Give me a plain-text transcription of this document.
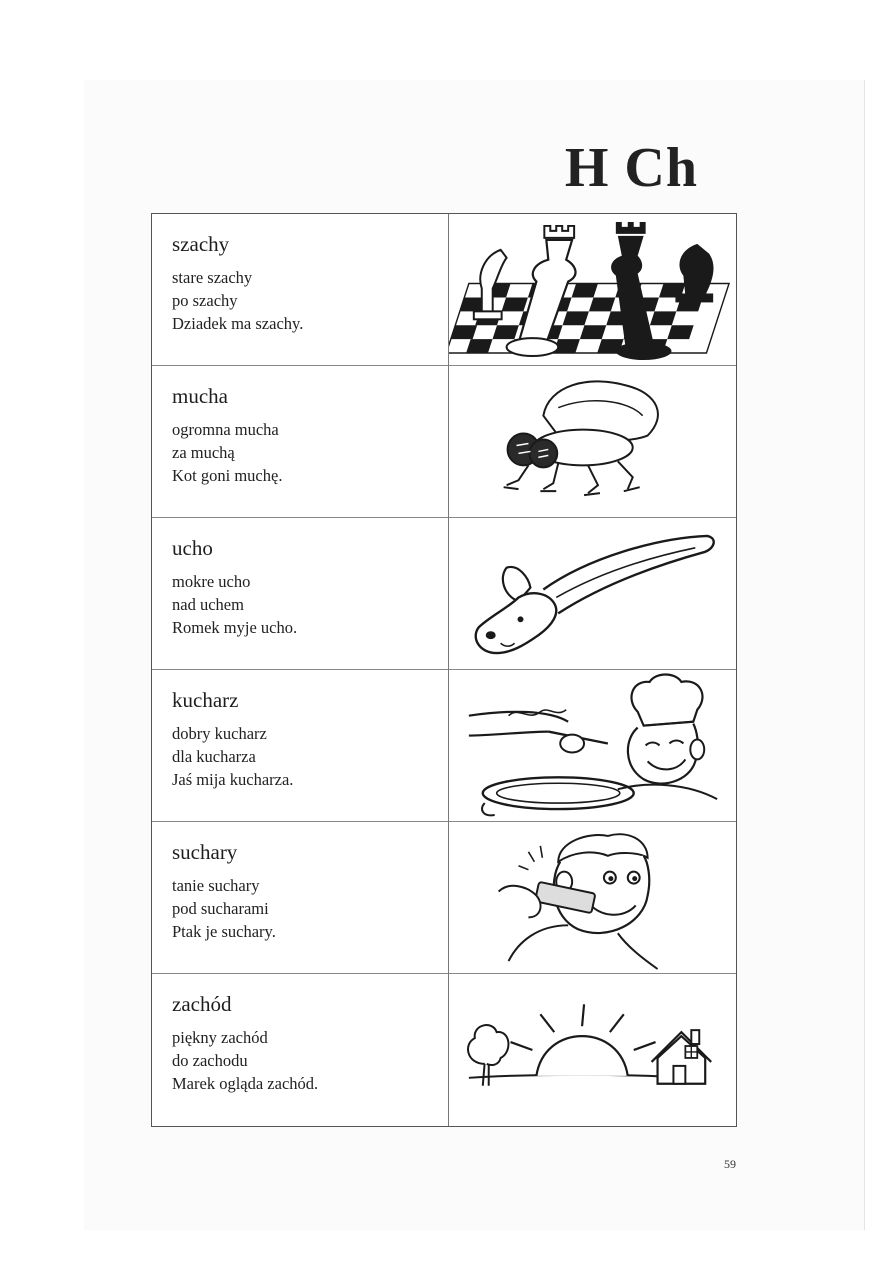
H Ch

szachy

stare szachy

po szachy

Dziadek ma szachy.

mucha

ogromna mucha

za muchą

Kot goni muchę.

ucho

mokre ucho

nad uchem

Romek myje ucho.

kucharz

dobry kucharz

dla kucharza

Jaś mija kucharza.

suchary

tanie suchary

pod sucharami

Ptak je suchary.

zachód

piękny zachód

do zachodu

Marek ogląda zachód.

59
